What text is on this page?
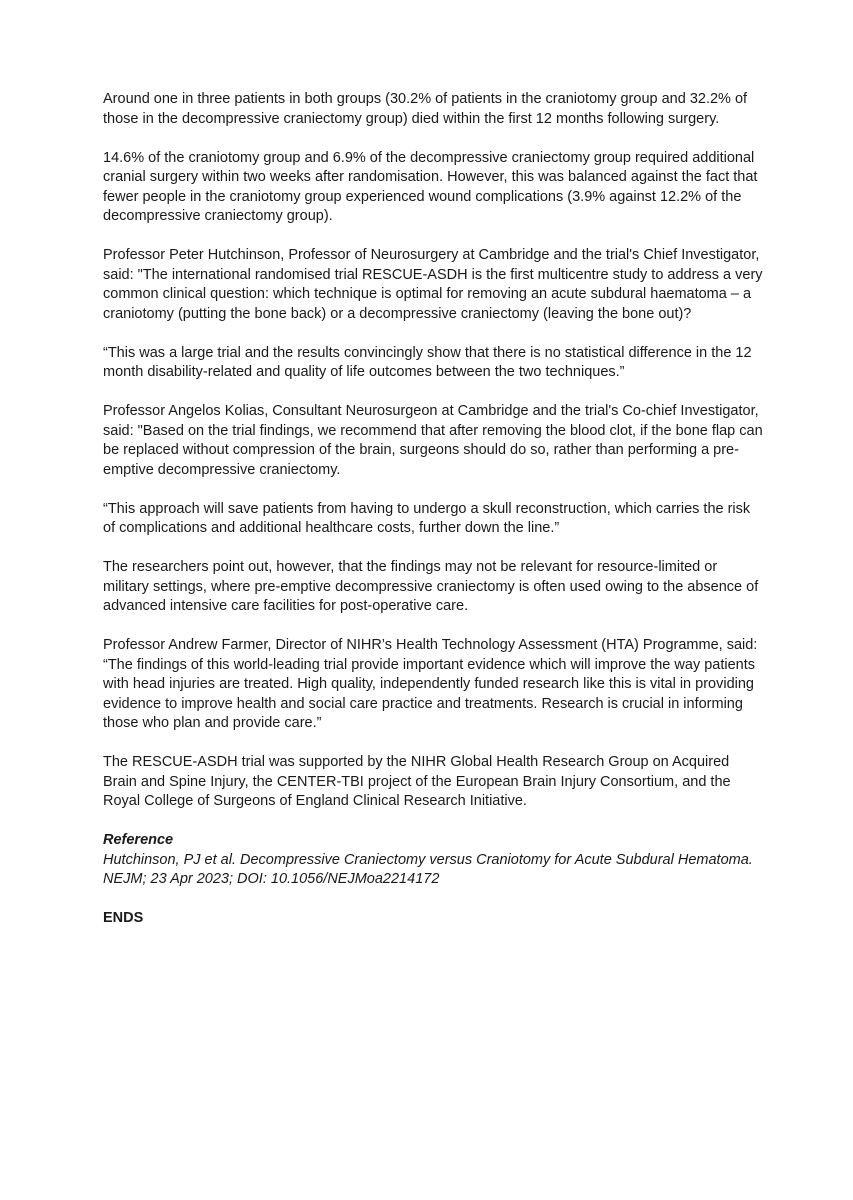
Around one in three patients in both groups (30.2% of patients in the craniotomy group and 32.2% of those in the decompressive craniectomy group) died within the first 12 months following surgery.

14.6% of the craniotomy group and 6.9% of the decompressive craniectomy group required additional cranial surgery within two weeks after randomisation. However, this was balanced against the fact that fewer people in the craniotomy group experienced wound complications (3.9% against 12.2% of the decompressive craniectomy group).

Professor Peter Hutchinson, Professor of Neurosurgery at Cambridge and the trial's Chief Investigator, said: "The international randomised trial RESCUE-ASDH is the first multicentre study to address a very common clinical question: which technique is optimal for removing an acute subdural haematoma – a craniotomy (putting the bone back) or a decompressive craniectomy (leaving the bone out)?

“This was a large trial and the results convincingly show that there is no statistical difference in the 12 month disability-related and quality of life outcomes between the two techniques.”

Professor Angelos Kolias, Consultant Neurosurgeon at Cambridge and the trial's Co-chief Investigator, said: "Based on the trial findings, we recommend that after removing the blood clot, if the bone flap can be replaced without compression of the brain, surgeons should do so, rather than performing a pre-emptive decompressive craniectomy.

“This approach will save patients from having to undergo a skull reconstruction, which carries the risk of complications and additional healthcare costs, further down the line.”

The researchers point out, however, that the findings may not be relevant for resource-limited or military settings, where pre-emptive decompressive craniectomy is often used owing to the absence of advanced intensive care facilities for post-operative care.

Professor Andrew Farmer, Director of NIHR’s Health Technology Assessment (HTA) Programme, said: “The findings of this world-leading trial provide important evidence which will improve the way patients with head injuries are treated. High quality, independently funded research like this is vital in providing evidence to improve health and social care practice and treatments. Research is crucial in informing those who plan and provide care.”

The RESCUE-ASDH trial was supported by the NIHR Global Health Research Group on Acquired Brain and Spine Injury, the CENTER-TBI project of the European Brain Injury Consortium, and the Royal College of Surgeons of England Clinical Research Initiative.

Reference

Hutchinson, PJ et al. Decompressive Craniectomy versus Craniotomy for Acute Subdural Hematoma. NEJM; 23 Apr 2023; DOI: 10.1056/NEJMoa2214172

ENDS
